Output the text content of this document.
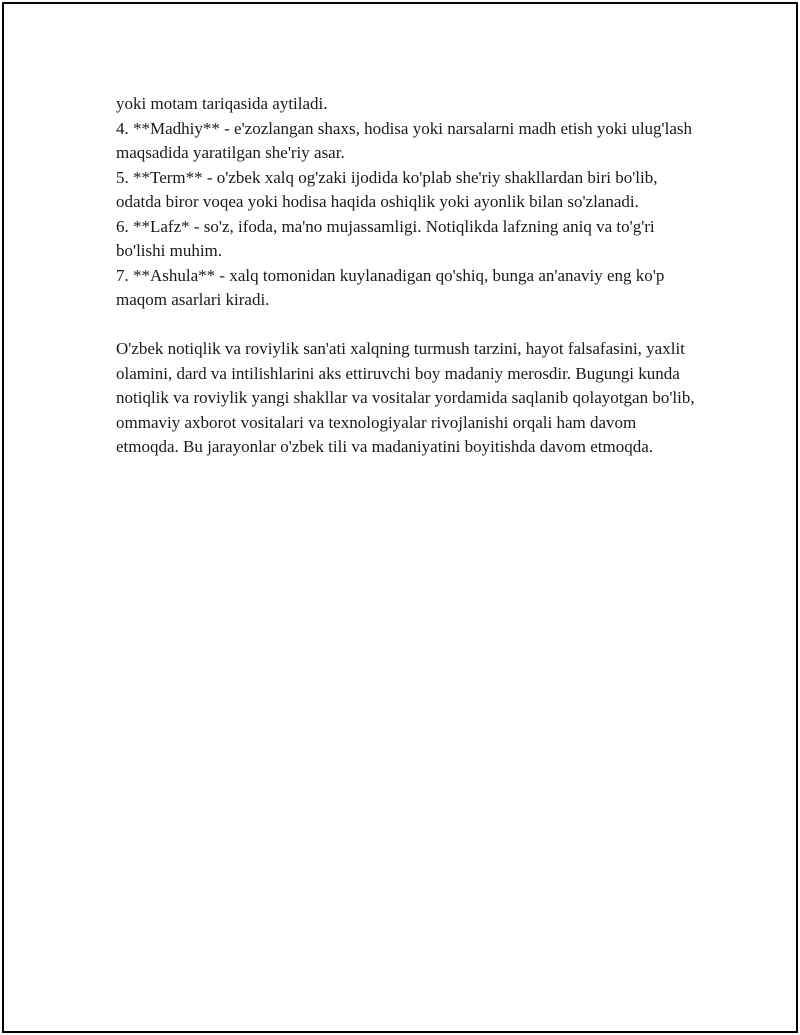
yoki motam tariqasida aytiladi.

4. **Madhiy** - e'zozlangan shaxs, hodisa yoki narsalarni madh etish yoki ulug'lash maqsadida yaratilgan she'riy asar.

5. **Term** - o'zbek xalq og'zaki ijodida ko'plab she'riy shakllardan biri bo'lib, odatda biror voqea yoki hodisa haqida oshiqlik yoki ayonlik bilan so'zlanadi.

6. **Lafz* - so'z, ifoda, ma'no mujassamligi. Notiqlikda lafzning aniq va to'g'ri bo'lishi muhim.

7. **Ashula** - xalq tomonidan kuylanadigan qo'shiq, bunga an'anaviy eng ko'p maqom asarlari kiradi.

O'zbek notiqlik va roviylik san'ati xalqning turmush tarzini, hayot falsafasini, yaxlit olamini, dard va intilishlarini aks ettiruvchi boy madaniy merosdir. Bugungi kunda notiqlik va roviylik yangi shakllar va vositalar yordamida saqlanib qolayotgan bo'lib, ommaviy axborot vositalari va texnologiyalar rivojlanishi orqali ham davom etmoqda. Bu jarayonlar o'zbek tili va madaniyatini boyitishda davom etmoqda.
